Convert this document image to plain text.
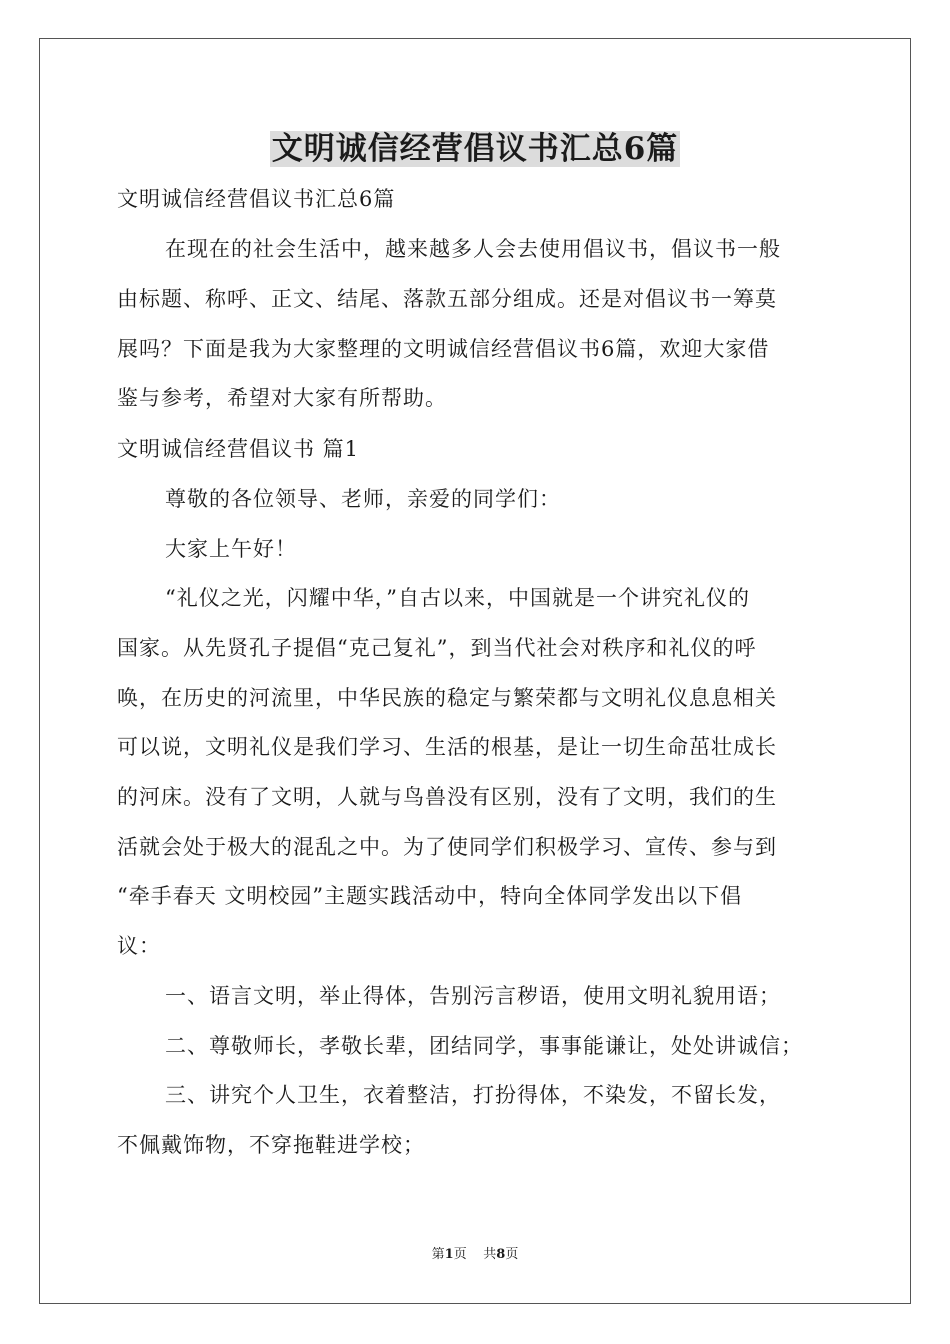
文明诚信经营倡议书汇总6篇
文明诚信经营倡议书汇总6篇
在现在的社会生活中，越来越多人会去使用倡议书，倡议书一般
由标题、称呼、正文、结尾、落款五部分组成。还是对倡议书一筹莫
展吗？下面是我为大家整理的文明诚信经营倡议书6篇，欢迎大家借
鉴与参考，希望对大家有所帮助。
文明诚信经营倡议书 篇1
尊敬的各位领导、老师，亲爱的同学们：
大家上午好！
“礼仪之光，闪耀中华，”自古以来，中国就是一个讲究礼仪的
国家。从先贤孔子提倡“克己复礼”，到当代社会对秩序和礼仪的呼
唤，在历史的河流里，中华民族的稳定与繁荣都与文明礼仪息息相关
可以说，文明礼仪是我们学习、生活的根基，是让一切生命茁壮成长
的河床。没有了文明，人就与鸟兽没有区别，没有了文明，我们的生
活就会处于极大的混乱之中。为了使同学们积极学习、宣传、参与到
“牵手春天 文明校园”主题实践活动中，特向全体同学发出以下倡
议：
一、语言文明，举止得体，告别污言秽语，使用文明礼貌用语；
二、尊敬师长，孝敬长辈，团结同学，事事能谦让，处处讲诚信；
三、讲究个人卫生，衣着整洁，打扮得体，不染发，不留长发，
不佩戴饰物，不穿拖鞋进学校；
第1页 共8页
